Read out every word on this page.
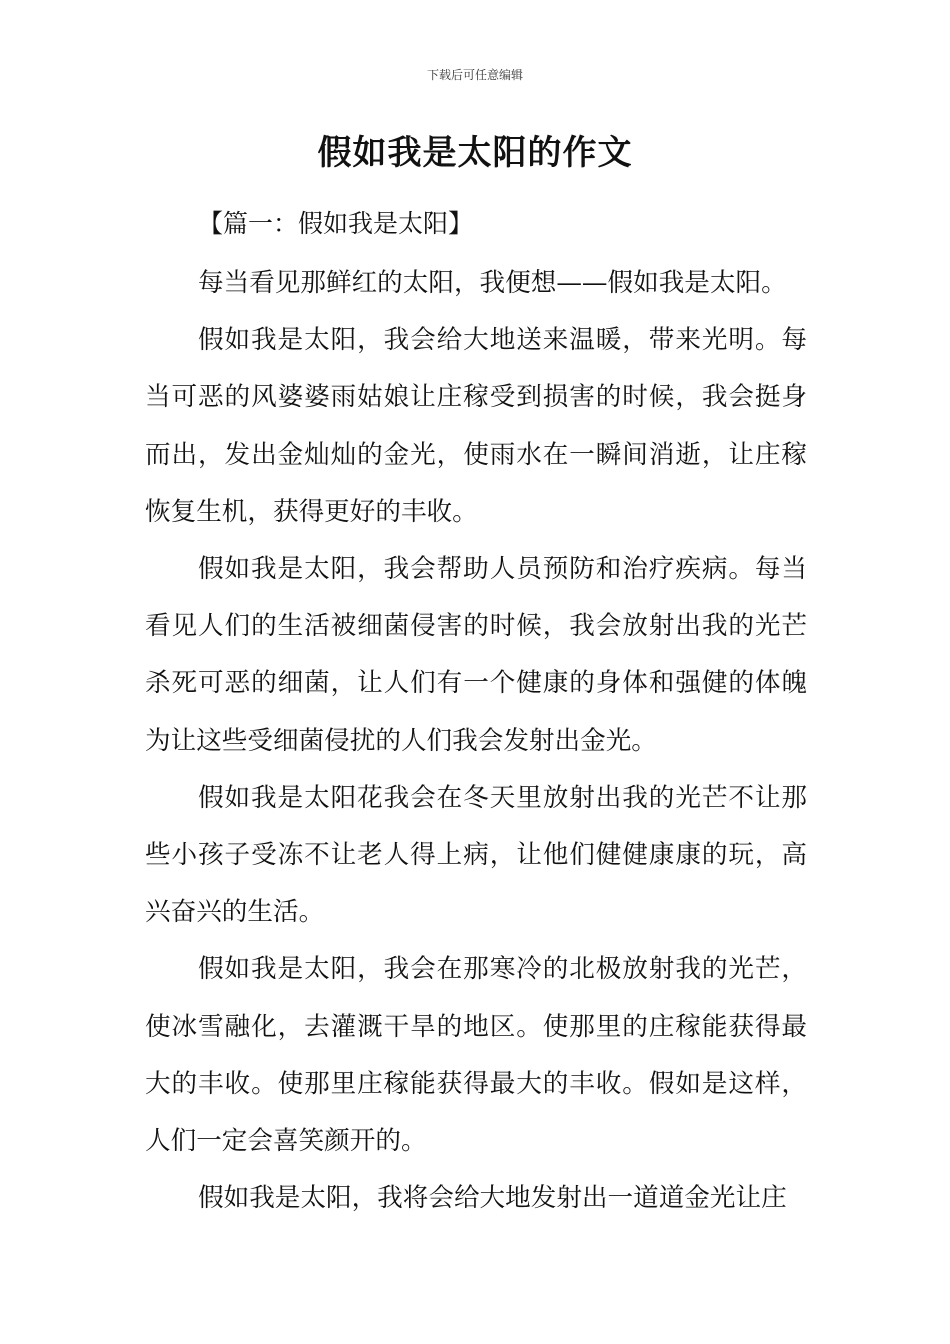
下载后可任意编辑
假如我是太阳的作文
【篇一：假如我是太阳】

每当看见那鲜红的太阳，我便想——假如我是太阳。

假如我是太阳，我会给大地送来温暖，带来光明。每当可恶的风婆婆雨姑娘让庄稼受到损害的时候，我会挺身而出，发出金灿灿的金光，使雨水在一瞬间消逝，让庄稼恢复生机，获得更好的丰收。

假如我是太阳，我会帮助人员预防和治疗疾病。每当看见人们的生活被细菌侵害的时候，我会放射出我的光芒杀死可恶的细菌，让人们有一个健康的身体和强健的体魄为让这些受细菌侵扰的人们我会发射出金光。

假如我是太阳花我会在冬天里放射出我的光芒不让那些小孩子受冻不让老人得上病，让他们健健康康的玩，高兴奋兴的生活。

假如我是太阳，我会在那寒冷的北极放射我的光芒，使冰雪融化，去灌溉干旱的地区。使那里的庄稼能获得最大的丰收。使那里庄稼能获得最大的丰收。假如是这样，人们一定会喜笑颜开的。

假如我是太阳，我将会给大地发射出一道道金光让庄
